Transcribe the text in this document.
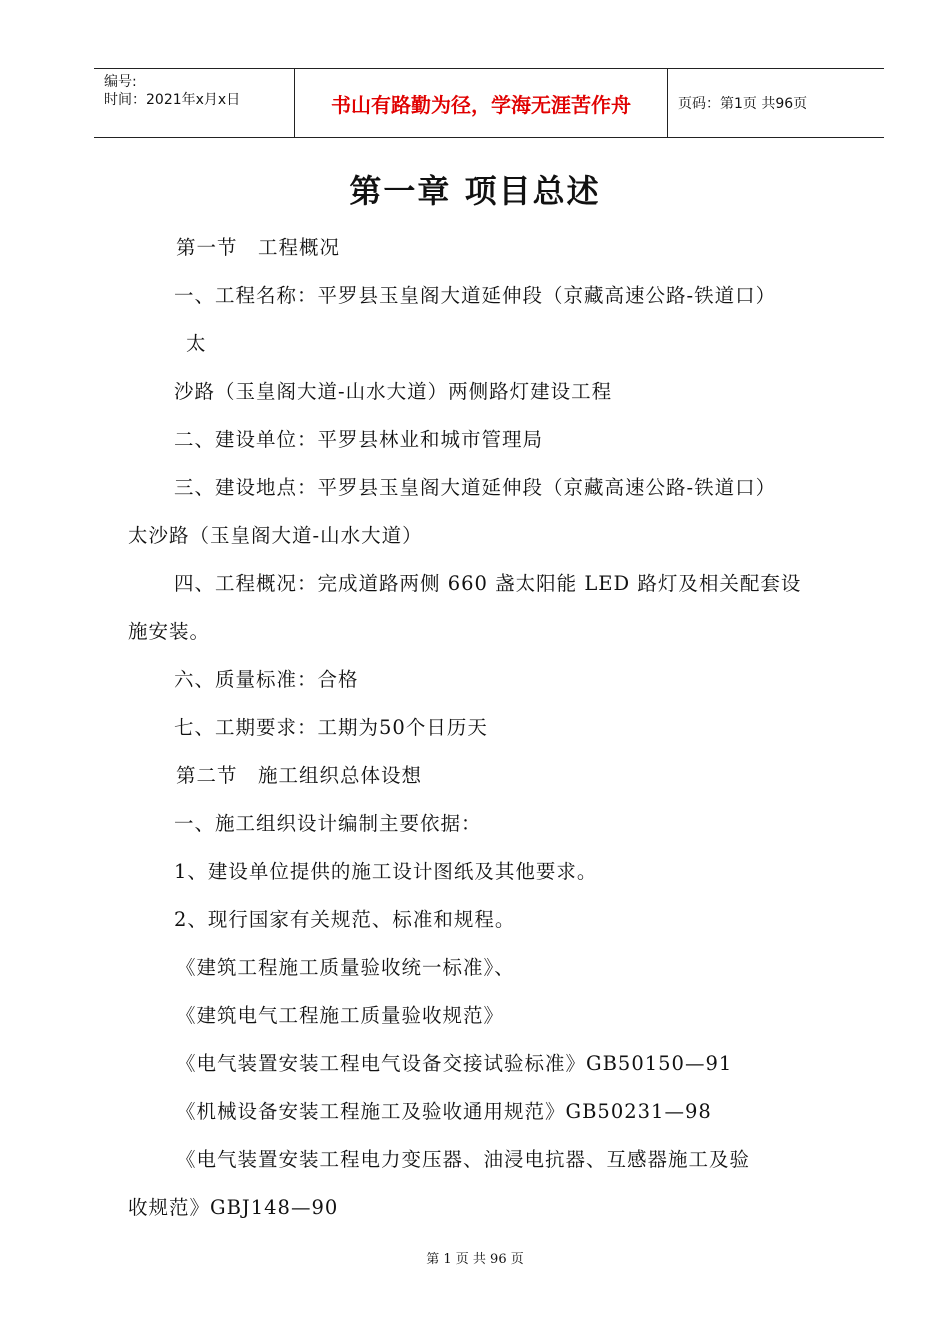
编号:
时间：2021年x月x日	书山有路勤为径，学海无涯苦作舟	页码：第1页 共96页
第一章 项目总述
第一节　工程概况
一、工程名称：平罗县玉皇阁大道延伸段（京藏高速公路-铁道口）
太
沙路（玉皇阁大道-山水大道）两侧路灯建设工程
二、建设单位：平罗县林业和城市管理局
三、建设地点：平罗县玉皇阁大道延伸段（京藏高速公路-铁道口）
太沙路（玉皇阁大道-山水大道）
四、工程概况：完成道路两侧 660 盏太阳能 LED 路灯及相关配套设
施安装。
六、质量标准：合格
七、工期要求：工期为50个日历天
第二节　施工组织总体设想
一、施工组织设计编制主要依据：
1、建设单位提供的施工设计图纸及其他要求。
2、现行国家有关规范、标准和规程。
《建筑工程施工质量验收统一标准》、
《建筑电气工程施工质量验收规范》
《电气装置安装工程电气设备交接试验标准》GB50150—91
《机械设备安装工程施工及验收通用规范》GB50231—98
《电气装置安装工程电力变压器、油浸电抗器、互感器施工及验
收规范》GBJ148—90
第 1 页 共 96 页
